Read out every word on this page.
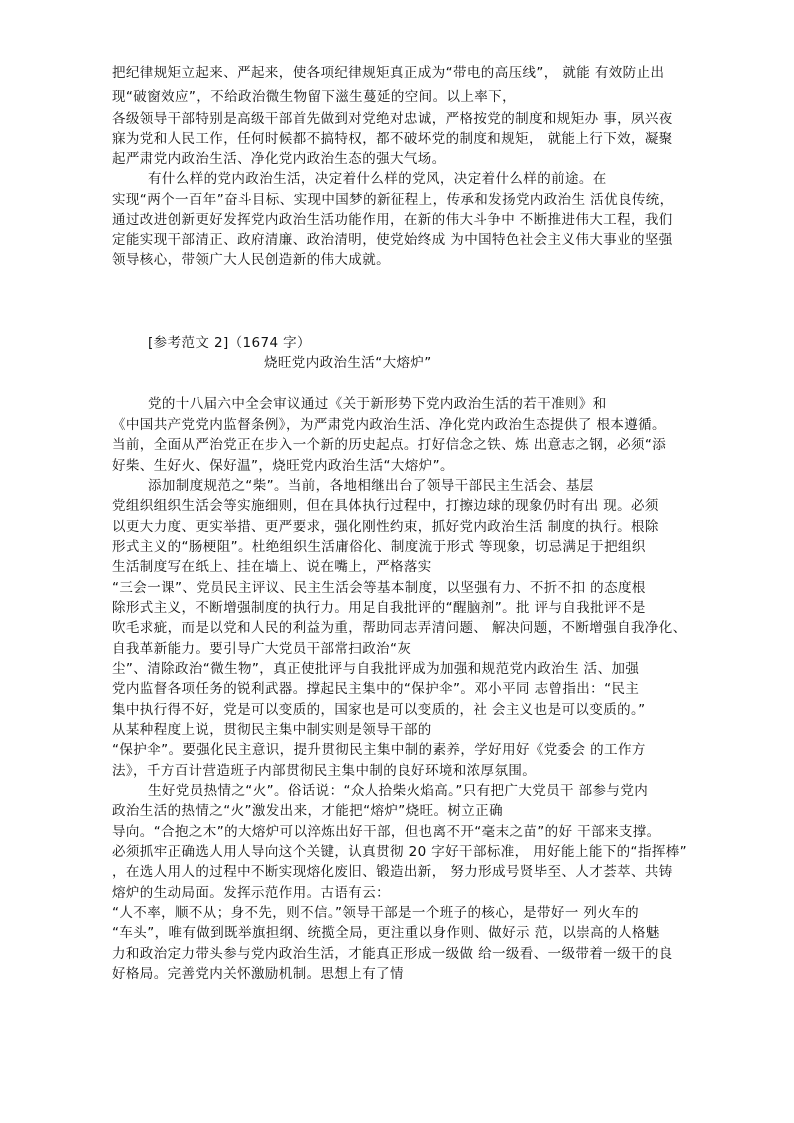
把纪律规矩立起来、严起来，使各项纪律规矩真正成为“带电的高压线”， 就能 有效防止出
现“破窗效应”，不给政治微生物留下滋生蔓延的空间。以上率下，
各级领导干部特别是高级干部首先做到对党绝对忠诚，严格按党的制度和规矩办 事，夙兴夜
寐为党和人民工作，任何时候都不搞特权，都不破坏党的制度和规矩， 就能上行下效，凝聚
起严肃党内政治生活、净化党内政治生态的强大气场。
有什么样的党内政治生活，决定着什么样的党风，决定着什么样的前途。在
实现“两个一百年”奋斗目标、实现中国梦的新征程上，传承和发扬党内政治生 活优良传统，
通过改进创新更好发挥党内政治生活功能作用，在新的伟大斗争中 不断推进伟大工程，我们
定能实现干部清正、政府清廉、政治清明，使党始终成 为中国特色社会主义伟大事业的坚强
领导核心，带领广大人民创造新的伟大成就。
[参考范文 2]（1674 字）
烧旺党内政治生活“大熔炉”
党的十八届六中全会审议通过《关于新形势下党内政治生活的若干准则》和
《中国共产党党内监督条例》，为严肃党内政治生活、净化党内政治生态提供了 根本遵循。
当前，全面从严治党正在步入一个新的历史起点。打好信念之铁、炼 出意志之钢，必须“添
好柴、生好火、保好温”，烧旺党内政治生活“大熔炉”。
添加制度规范之“柴”。当前，各地相继出台了领导干部民主生活会、基层
党组织组织生活会等实施细则，但在具体执行过程中，打擦边球的现象仍时有出 现。必须
以更大力度、更实举措、更严要求，强化刚性约束，抓好党内政治生活 制度的执行。根除
形式主义的“肠梗阻”。杜绝组织生活庸俗化、制度流于形式 等现象，切忌满足于把组织
生活制度写在纸上、挂在墙上、说在嘴上，严格落实
“三会一课”、党员民主评议、民主生活会等基本制度，以坚强有力、不折不扣 的态度根
除形式主义，不断增强制度的执行力。用足自我批评的“醒脑剂”。批 评与自我批评不是
吹毛求疵，而是以党和人民的利益为重，帮助同志弄清问题、 解决问题，不断增强自我净化、
自我革新能力。要引导广大党员干部常扫政治“灰
尘”、清除政治“微生物”，真正使批评与自我批评成为加强和规范党内政治生 活、加强
党内监督各项任务的锐利武器。撑起民主集中的“保护伞”。邓小平同 志曾指出：“民主
集中执行得不好，党是可以变质的，国家也是可以变质的，社 会主义也是可以变质的。”
从某种程度上说，贯彻民主集中制实则是领导干部的
“保护伞”。要强化民主意识，提升贯彻民主集中制的素养，学好用好《党委会 的工作方
法》，千方百计营造班子内部贯彻民主集中制的良好环境和浓厚氛围。
生好党员热情之“火”。俗话说：“众人拾柴火焰高。”只有把广大党员干 部参与党内
政治生活的热情之“火”激发出来，才能把“熔炉”烧旺。树立正确
导向。“合抱之木”的大熔炉可以淬炼出好干部，但也离不开“毫末之苗”的好 干部来支撑。
必须抓牢正确选人用人导向这个关键，认真贯彻 20 字好干部标准， 用好能上能下的“指挥棒”
，在选人用人的过程中不断实现熔化废旧、锻造出新， 努力形成号贤毕至、人才荟萃、共铸
熔炉的生动局面。发挥示范作用。古语有云：
“人不率，顺不从；身不先，则不信。”领导干部是一个班子的核心，是带好一 列火车的
“车头”，唯有做到既举旗担纲、统揽全局，更注重以身作则、做好示 范，以崇高的人格魅
力和政治定力带头参与党内政治生活，才能真正形成一级做 给一级看、一级带着一级干的良
好格局。完善党内关怀激励机制。思想上有了情
